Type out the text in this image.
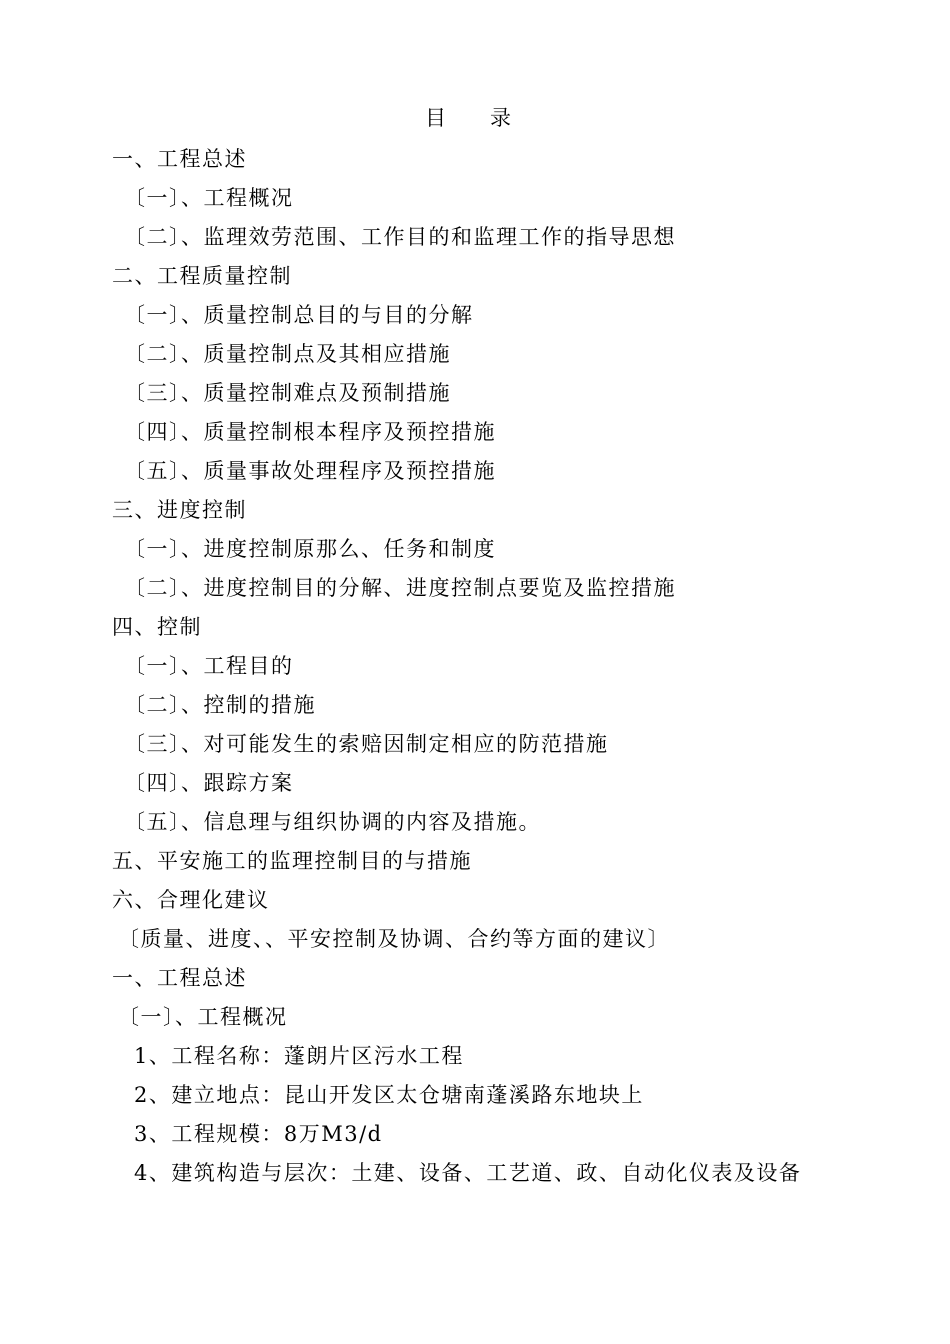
目录
一、工程总述
〔一〕、工程概况
〔二〕、监理效劳范围、工作目的和监理工作的指导思想
二、工程质量控制
〔一〕、质量控制总目的与目的分解
〔二〕、质量控制点及其相应措施
〔三〕、质量控制难点及预制措施
〔四〕、质量控制根本程序及预控措施
〔五〕、质量事故处理程序及预控措施
三、进度控制
〔一〕、进度控制原那么、任务和制度
〔二〕、进度控制目的分解、进度控制点要览及监控措施
四、控制
〔一〕、工程目的
〔二〕、控制的措施
〔三〕、对可能发生的索赔因制定相应的防范措施
〔四〕、跟踪方案
〔五〕、信息理与组织协调的内容及措施。
五、平安施工的监理控制目的与措施
六、合理化建议
〔质量、进度、、平安控制及协调、合约等方面的建议〕
一、工程总述
〔一〕、工程概况
1、工程名称：蓬朗片区污水工程
2、建立地点：昆山开发区太仓塘南蓬溪路东地块上
3、工程规模：8万M3/d
4、建筑构造与层次：土建、设备、工艺道、政、自动化仪表及设备
